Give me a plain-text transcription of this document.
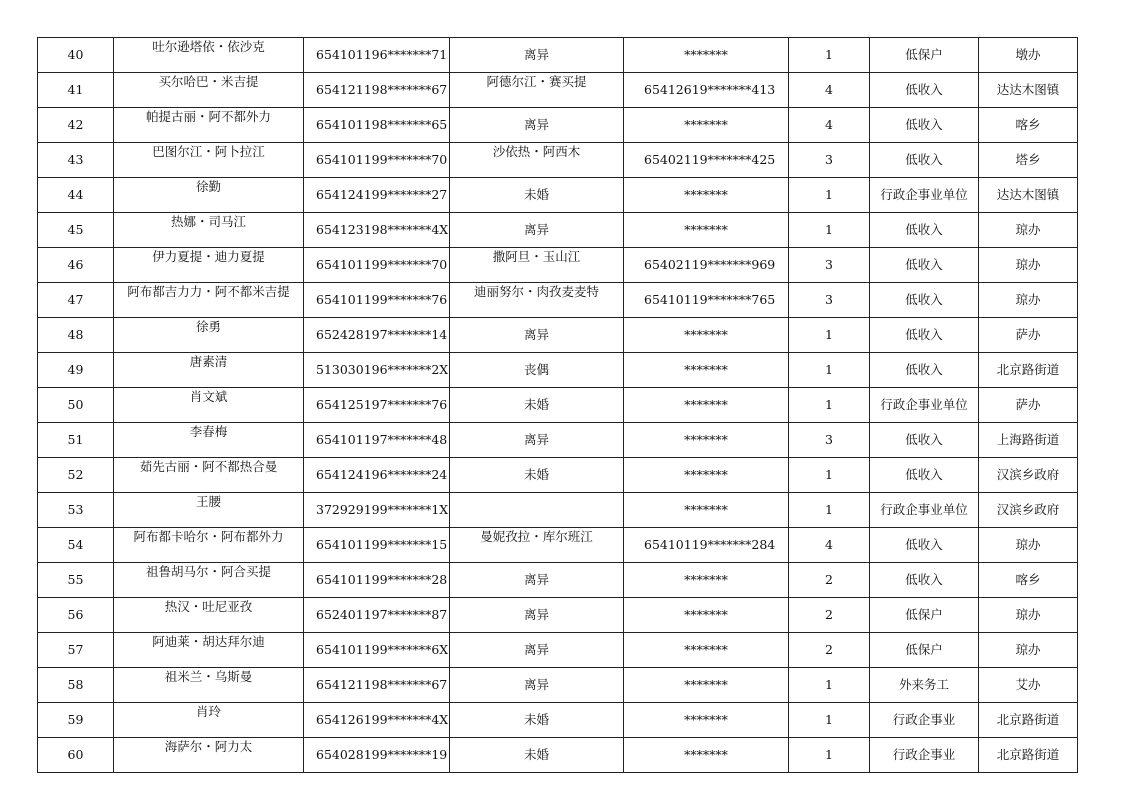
40	吐尔逊塔依・依沙克	654101196*******71	离异	*******	1	低保户	墩办
41	买尔哈巴・米吉提	654121198*******67	阿德尔江・赛买提	65412619*******413	4	低收入	达达木图镇
42	帕提古丽・阿不都外力	654101198*******65	离异	*******	4	低收入	喀乡
43	巴图尔江・阿卜拉江	654101199*******70	沙依热・阿西木	65402119*******425	3	低收入	塔乡
44	徐勤	654124199*******27	未婚	*******	1	行政企事业单位	达达木图镇
45	热娜・司马江	654123198*******4X	离异	*******	1	低收入	琼办
46	伊力夏提・迪力夏提	654101199*******70	撒阿旦・玉山江	65402119*******969	3	低收入	琼办
47	阿布都吉力力・阿不都米吉提	654101199*******76	迪丽努尔・肉孜麦麦特	65410119*******765	3	低收入	琼办
48	徐勇	652428197*******14	离异	*******	1	低收入	萨办
49	唐素清	513030196*******2X	丧偶	*******	1	低收入	北京路街道
50	肖文斌	654125197*******76	未婚	*******	1	行政企事业单位	萨办
51	李春梅	654101197*******48	离异	*******	3	低收入	上海路街道
52	茹先古丽・阿不都热合曼	654124196*******24	未婚	*******	1	低收入	汉滨乡政府
53	王腰	372929199*******1X		*******	1	行政企事业单位	汉滨乡政府
54	阿布都卡哈尔・阿布都外力	654101199*******15	曼妮孜拉・库尔班江	65410119*******284	4	低收入	琼办
55	祖鲁胡马尔・阿合买提	654101199*******28	离异	*******	2	低收入	喀乡
56	热汉・吐尼亚孜	652401197*******87	离异	*******	2	低保户	琼办
57	阿迪莱・胡达拜尔迪	654101199*******6X	离异	*******	2	低保户	琼办
58	祖米兰・乌斯曼	654121198*******67	离异	*******	1	外来务工	艾办
59	肖玲	654126199*******4X	未婚	*******	1	行政企事业	北京路街道
60	海萨尔・阿力太	654028199*******19	未婚	*******	1	行政企事业	北京路街道
